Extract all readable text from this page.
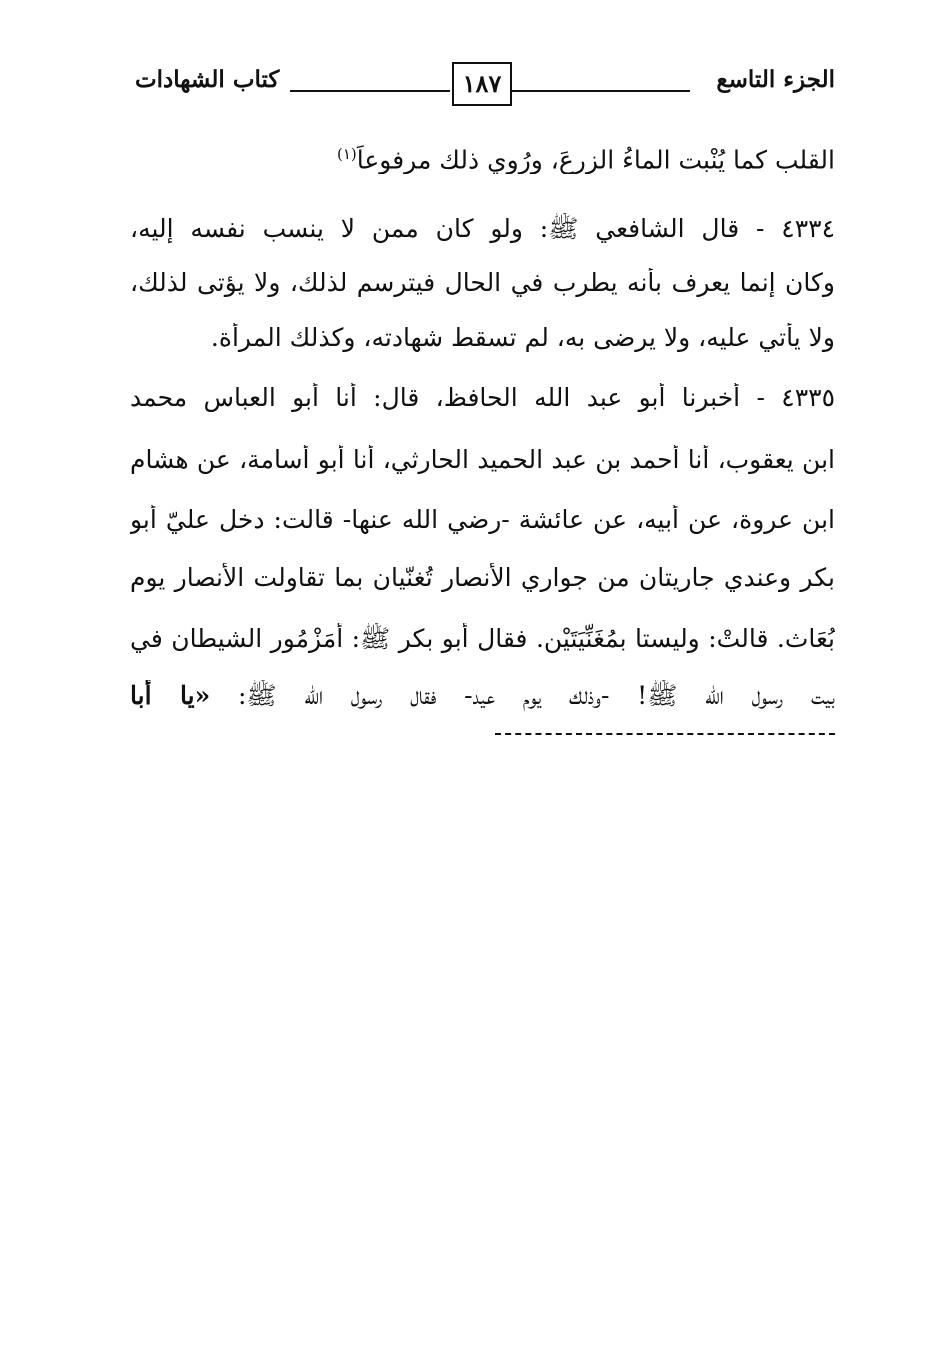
الجزء التاسع
١٨٧
كتاب الشهادات
القلب كما يُنْبت الماءُ الزرعَ، ورُوي ذلك مرفوعاً$^{(١)}$
٤٣٣٤ - قال الشافعي ﷺ: ولو كان ممن لا ينسب نفسه إليه،
وكان إنما يعرف بأنه يطرب في الحال فيترسم لذلك، ولا يؤتى لذلك،
ولا يأتي عليه، ولا يرضى به، لم تسقط شهادته، وكذلك المرأة.
٤٣٣٥ - أخبرنا أبو عبد الله الحافظ، قال: أنا أبو العباس محمد
ابن يعقوب، أنا أحمد بن عبد الحميد الحارثي، أنا أبو أسامة، عن هشام
ابن عروة، عن أبيه، عن عائشة -رضي الله عنها- قالت: دخل عليّ أبو
بكر وعندي جاريتان من جواري الأنصار تُغنّيان بما تقاولت الأنصار يوم
بُعَاث. قالتْ: وليستا بمُغَنِّيَتَيْن. فقال أبو بكر ﷺ: أَمَزْمُور الشيطان في
بيت رسول الله ﷺ! -وذلك يوم عيد- فقال رسول الله ﷺ: «يا أبا
